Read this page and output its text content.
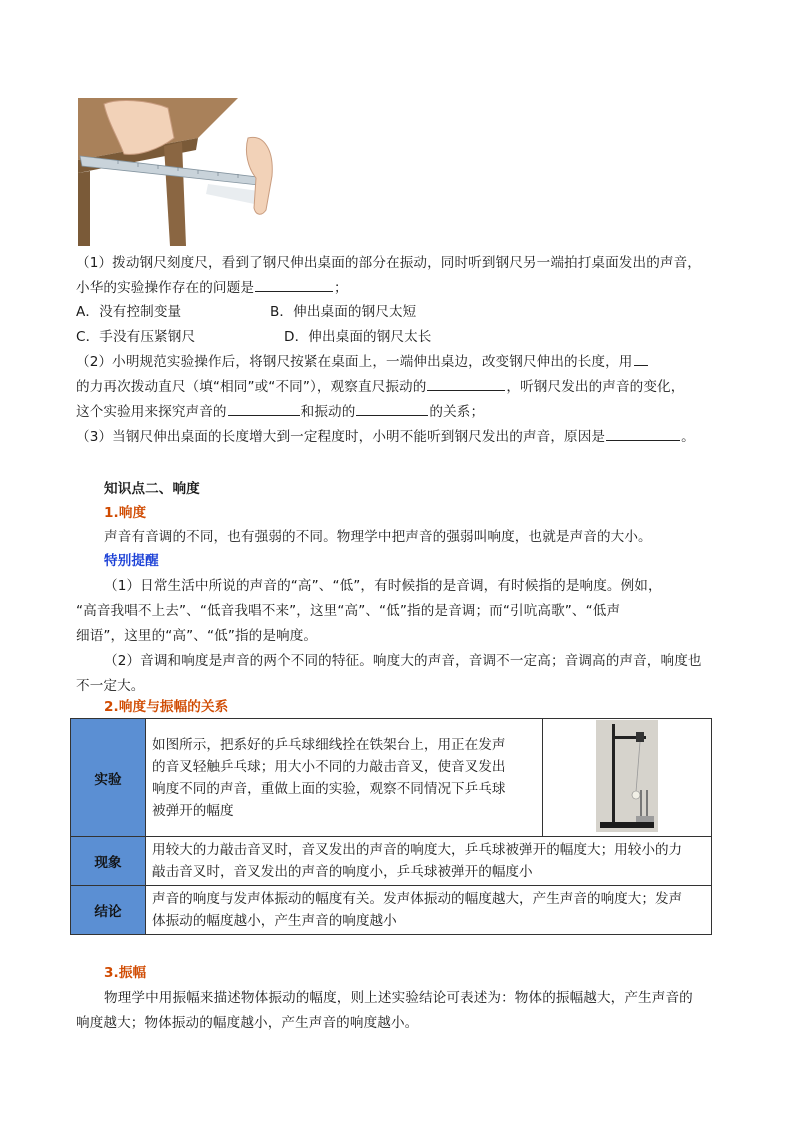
（1）拨动钢尺刻度尺，看到了钢尺伸出桌面的部分在振动，同时听到钢尺另一端拍打桌面发出的声音，
小华的实验操作存在的问题是	；
A．没有控制变量	B．伸出桌面的钢尺太短
C．手没有压紧钢尺	D．伸出桌面的钢尺太长
（2）小明规范实验操作后，将钢尺按紧在桌面上，一端伸出桌边，改变钢尺伸出的长度，用
的力再次拨动直尺（填“相同”或“不同”），观察直尺振动的	，听钢尺发出的声音的变化，
这个实验用来探究声音的	和振动的	的关系；
（3）当钢尺伸出桌面的长度增大到一定程度时，小明不能听到钢尺发出的声音，原因是	。
知识点二、响度
1.响度
声音有音调的不同，也有强弱的不同。物理学中把声音的强弱叫响度，也就是声音的大小。
特别提醒
（1）日常生活中所说的声音的“高”、“低”，有时候指的是音调，有时候指的是响度。例如，
“高音我唱不上去”、“低音我唱不来”，这里“高”、“低”指的是音调；而“引吭高歌”、“低声
细语”，这里的“高”、“低”指的是响度。
（2）音调和响度是声音的两个不同的特征。响度大的声音，音调不一定高；音调高的声音，响度也
不一定大。
2.响度与振幅的关系
实验	如图所示，把系好的乒乓球细线拴在铁架台上，用正在发声
的音叉轻触乒乓球；用大小不同的力敲击音叉，使音叉发出
响度不同的声音，重做上面的实验，观察不同情况下乒乓球
被弹开的幅度

现象	用较大的力敲击音叉时，音叉发出的声音的响度大，乒乓球被弹开的幅度大；用较小的力
敲击音叉时，音叉发出的声音的响度小，乒乓球被弹开的幅度小	

结论	声音的响度与发声体振动的幅度有关。发声体振动的幅度越大，产生声音的响度大；发声
体振动的幅度越小，产生声音的响度越小	
3.振幅
物理学中用振幅来描述物体振动的幅度，则上述实验结论可表述为：物体的振幅越大，产生声音的
响度越大；物体振动的幅度越小，产生声音的响度越小。
